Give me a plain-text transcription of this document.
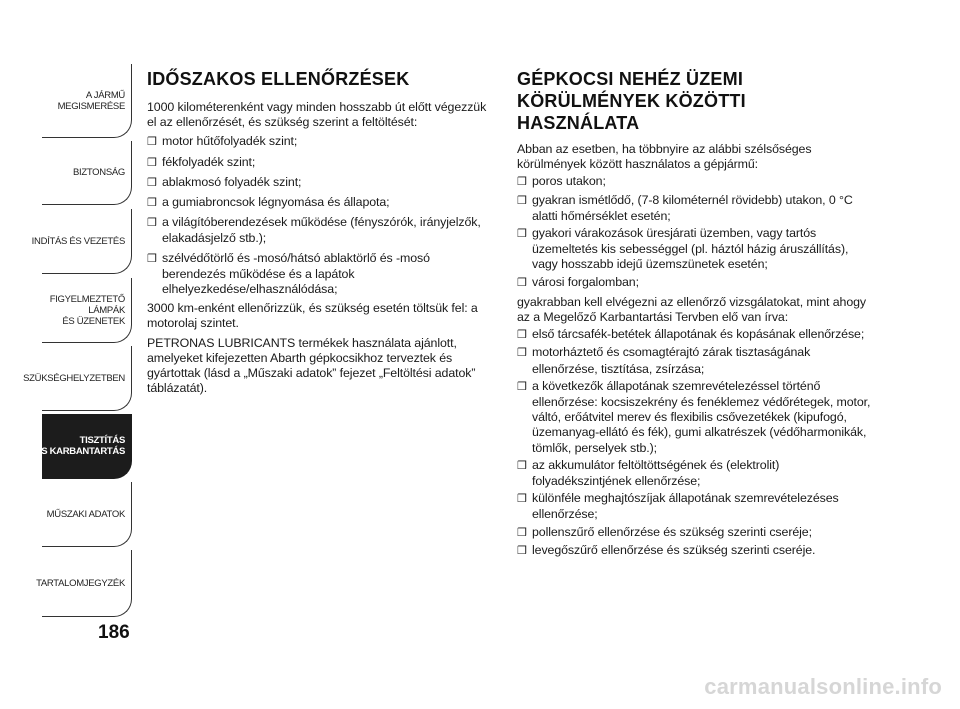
A JÁRMŰ
MEGISMERÉSE
BIZTONSÁG
INDÍTÁS ÉS VEZETÉS
FIGYELMEZTETŐ
LÁMPÁK
ÉS ÜZENETEK
SZÜKSÉGHELYZETBEN
TISZTÍTÁS
ÉS KARBANTARTÁS
MŰSZAKI ADATOK
TARTALOMJEGYZÉK
186
IDŐSZAKOS ELLENŐRZÉSEK

1000 kilométerenként vagy minden hosszabb út előtt végezzük el az ellenőrzését, és szükség szerint a feltöltését:

❒ motor hűtőfolyadék szint;
❒ fékfolyadék szint;
❒ ablakmosó folyadék szint;
❒ a gumiabroncsok légnyomása és állapota;
❒ a világítóberendezések működése (fényszórók, irányjelzők, elakadásjelző stb.);
❒ szélvédőtörlő és -mosó/hátsó ablaktörlő és -mosó berendezés működése és a lapátok elhelyezkedése/elhasználódása;

3000 km-enként ellenőrizzük, és szükség esetén töltsük fel: a motorolaj szintet.

PETRONAS LUBRICANTS termékek használata ajánlott, amelyeket kifejezetten Abarth gépkocsikhoz terveztek és gyártottak (lásd a „Műszaki adatok” fejezet „Feltöltési adatok” táblázatát).

GÉPKOCSI NEHÉZ ÜZEMI
KÖRÜLMÉNYEK KÖZÖTTI
HASZNÁLATA

Abban az esetben, ha többnyire az alábbi szélsőséges körülmények között használatos a gépjármű:

❒ poros utakon;
❒ gyakran ismétlődő, (7-8 kilométernél rövidebb) utakon, 0 °C alatti hőmérséklet esetén;
❒ gyakori várakozások üresjárati üzemben, vagy tartós üzemeltetés kis sebességgel (pl. háztól házig áruszállítás), vagy hosszabb idejű üzemszünetek esetén;
❒ városi forgalomban;

gyakrabban kell elvégezni az ellenőrző vizsgálatokat, mint ahogy az a Megelőző Karbantartási Tervben elő van írva:

❒ első tárcsafék-betétek állapotának és kopásának ellenőrzése;
❒ motorháztető és csomagtérajtó zárak tisztaságának ellenőrzése, tisztítása, zsírzása;
❒ a következők állapotának szemrevételezéssel történő ellenőrzése: kocsiszekrény és fenéklemez védőrétegek, motor, váltó, erőátvitel merev és flexibilis csővezetékek (kipufogó, üzemanyag-ellátó és fék), gumi alkatrészek (védőharmonikák, tömlők, perselyek stb.);
❒ az akkumulátor feltöltöttségének és (elektrolit) folyadékszintjének ellenőrzése;
❒ különféle meghajtószíjak állapotának szemrevételezéses ellenőrzése;
❒ pollenszűrő ellenőrzése és szükség szerinti cseréje;
❒ levegőszűrő ellenőrzése és szükség szerinti cseréje.
carmanualsonline.info
